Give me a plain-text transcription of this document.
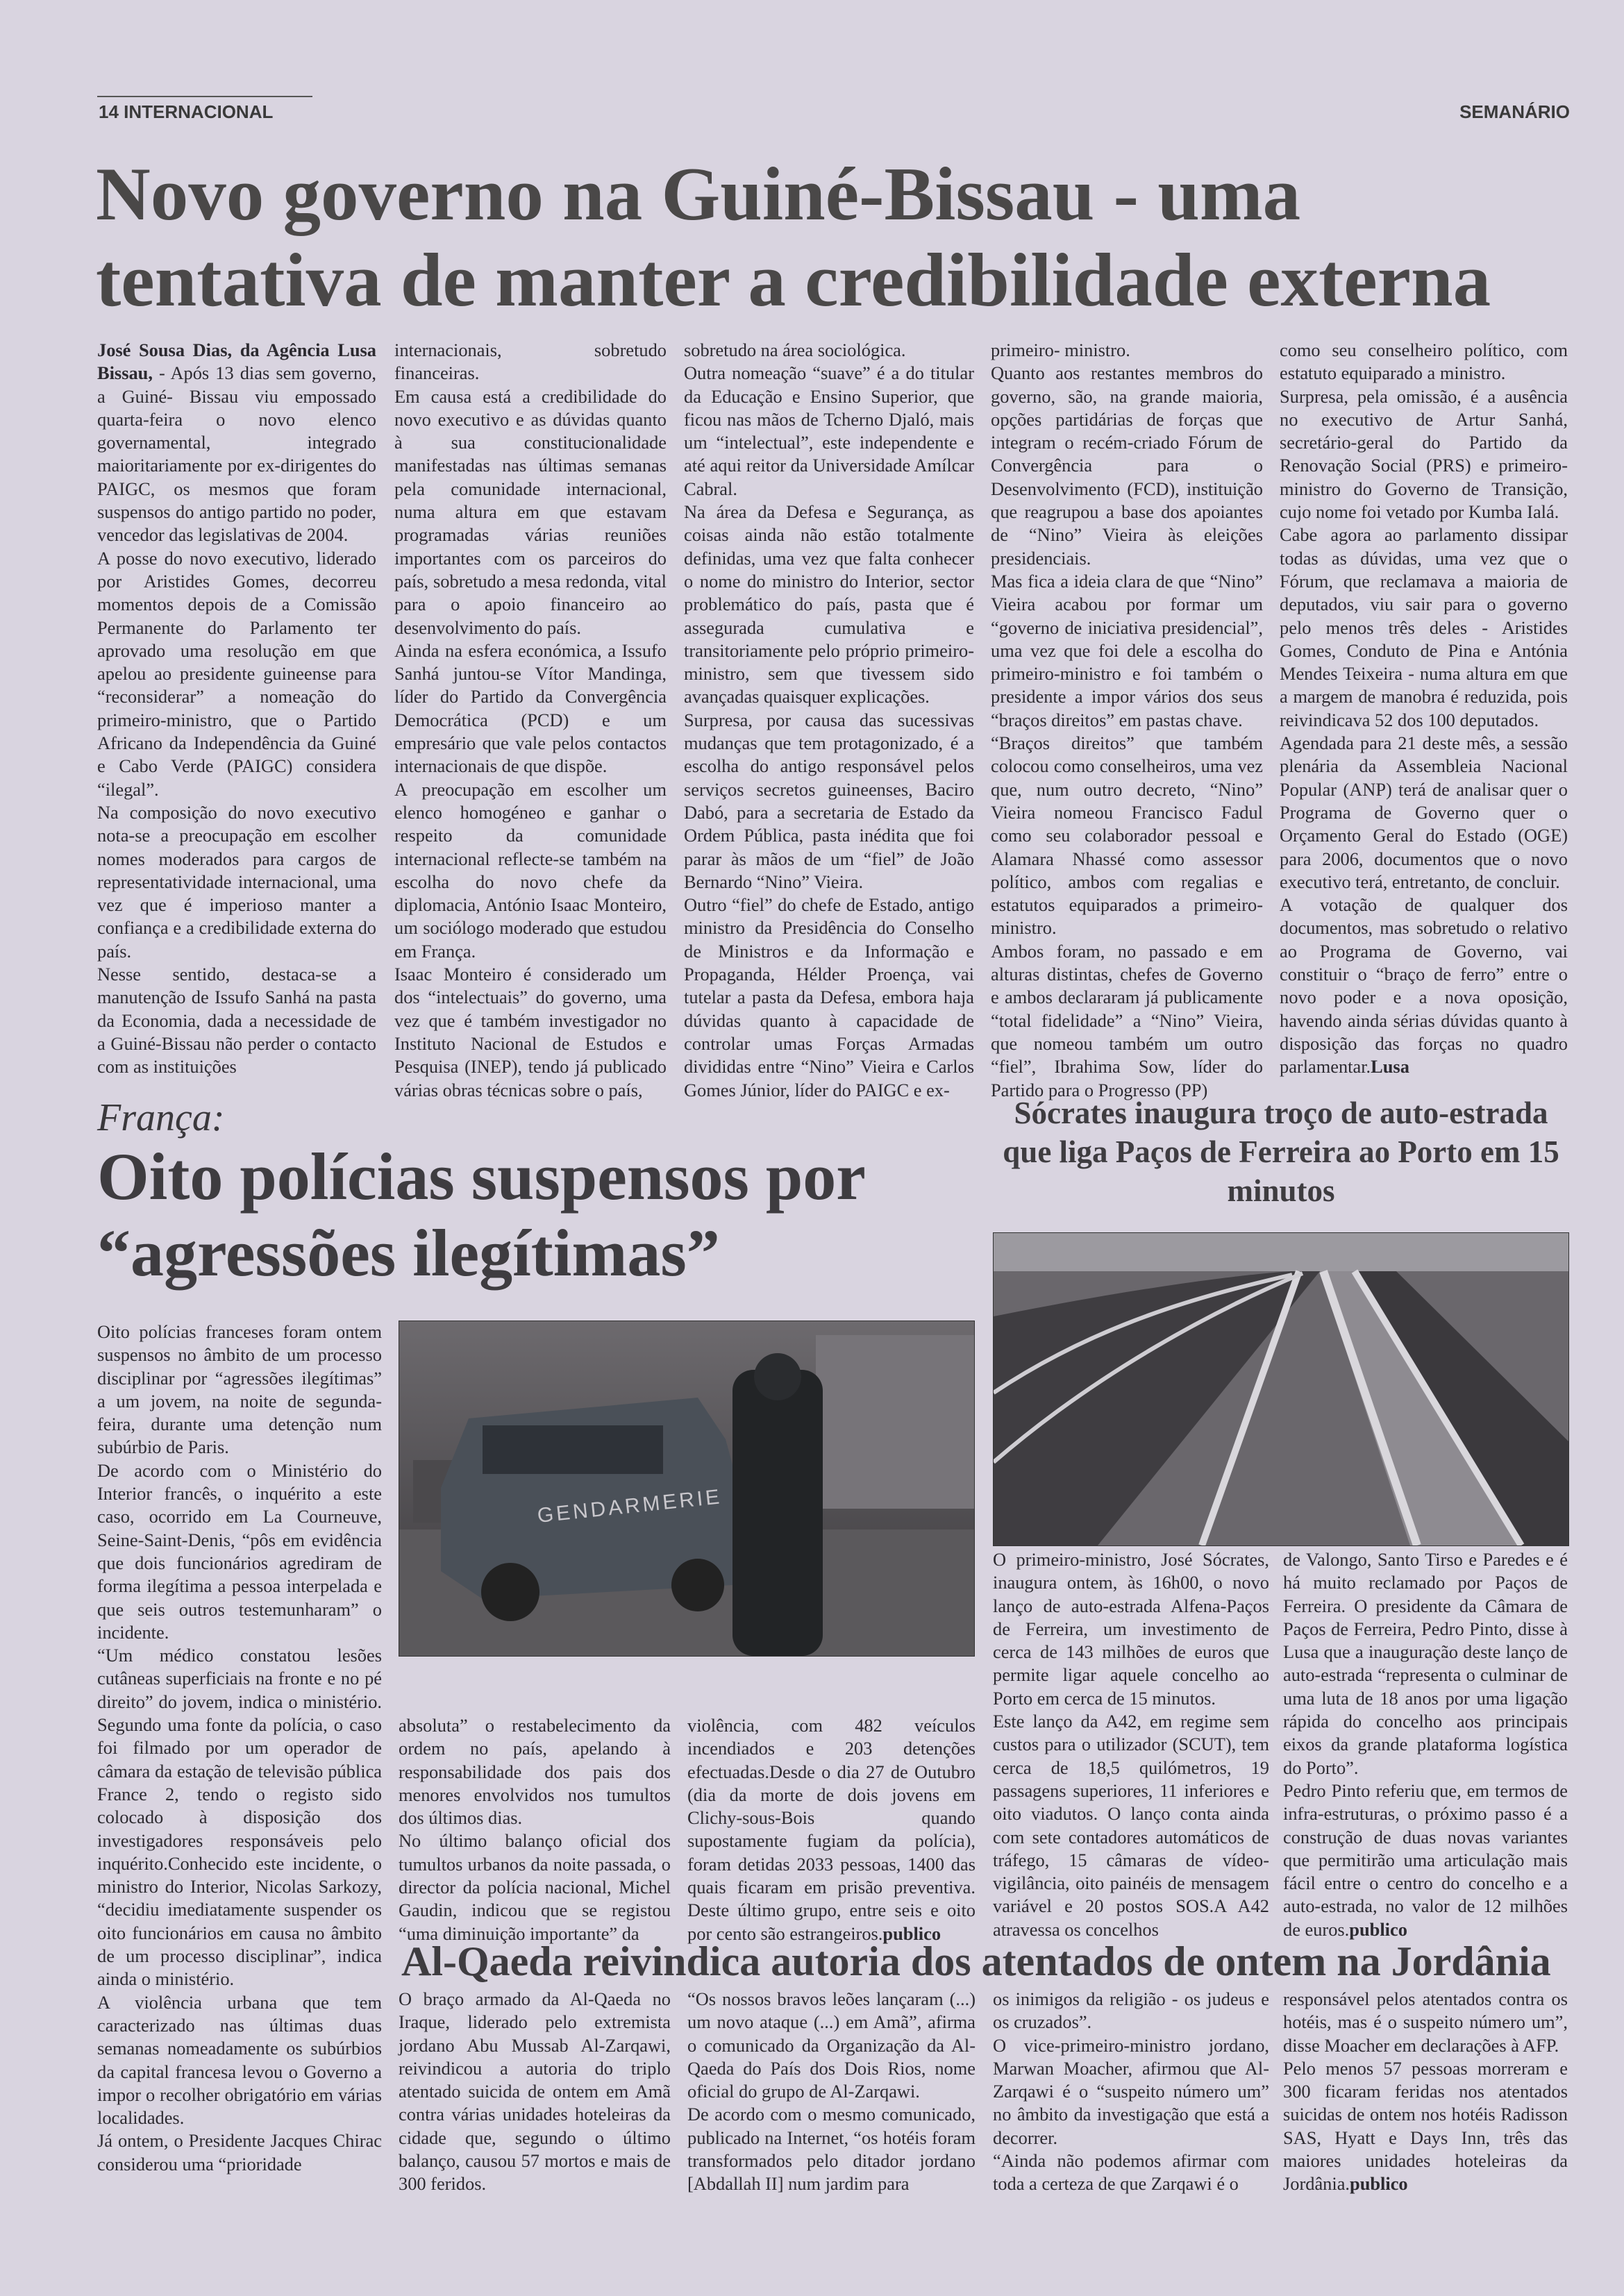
14 INTERNACIONAL	SEMANÁRIO
Novo governo na Guiné-Bissau - uma
tentativa de manter a credibilidade externa

José Sousa Dias, da Agência Lusa Bissau, - Após 13 dias sem governo, a Guiné- Bissau viu empossado quarta-feira o novo elenco governamental, integrado maioritariamente por ex-dirigentes do PAIGC, os mesmos que foram suspensos do antigo partido no poder, vencedor das legislativas de 2004.

A posse do novo executivo, liderado por Aristides Gomes, decorreu momentos depois de a Comissão Permanente do Parlamento ter aprovado uma resolução em que apelou ao presidente guineense para “reconsiderar” a nomeação do primeiro-ministro, que o Partido Africano da Independência da Guiné e Cabo Verde (PAIGC) considera “ilegal”.

Na composição do novo executivo nota-se a preocupação em escolher nomes moderados para cargos de representatividade internacional, uma vez que é imperioso manter a confiança e a credibilidade externa do país.

Nesse sentido, destaca-se a manutenção de Issufo Sanhá na pasta da Economia, dada a necessidade de a Guiné-Bissau não perder o contacto com as instituições

internacionais, sobretudo financeiras.

Em causa está a credibilidade do novo executivo e as dúvidas quanto à sua constitucionalidade manifestadas nas últimas semanas pela comunidade internacional, numa altura em que estavam programadas várias reuniões importantes com os parceiros do país, sobretudo a mesa redonda, vital para o apoio financeiro ao desenvolvimento do país.

Ainda na esfera económica, a Issufo Sanhá juntou-se Vítor Mandinga, líder do Partido da Convergência Democrática (PCD) e um empresário que vale pelos contactos internacionais de que dispõe.

A preocupação em escolher um elenco homogéneo e ganhar o respeito da comunidade internacional reflecte-se também na escolha do novo chefe da diplomacia, António Isaac Monteiro, um sociólogo moderado que estudou em França.

Isaac Monteiro é considerado um dos “intelectuais” do governo, uma vez que é também investigador no Instituto Nacional de Estudos e Pesquisa (INEP), tendo já publicado várias obras técnicas sobre o país,

sobretudo na área sociológica.

Outra nomeação “suave” é a do titular da Educação e Ensino Superior, que ficou nas mãos de Tcherno Djaló, mais um “intelectual”, este independente e até aqui reitor da Universidade Amílcar Cabral.

Na área da Defesa e Segurança, as coisas ainda não estão totalmente definidas, uma vez que falta conhecer o nome do ministro do Interior, sector problemático do país, pasta que é assegurada cumulativa e transitoriamente pelo próprio primeiro-ministro, sem que tivessem sido avançadas quaisquer explicações.

Surpresa, por causa das sucessivas mudanças que tem protagonizado, é a escolha do antigo responsável pelos serviços secretos guineenses, Baciro Dabó, para a secretaria de Estado da Ordem Pública, pasta inédita que foi parar às mãos de um “fiel” de João Bernardo “Nino” Vieira.

Outro “fiel” do chefe de Estado, antigo ministro da Presidência do Conselho de Ministros e da Informação e Propaganda, Hélder Proença, vai tutelar a pasta da Defesa, embora haja dúvidas quanto à capacidade de controlar umas Forças Armadas divididas entre “Nino” Vieira e Carlos Gomes Júnior, líder do PAIGC e ex-

primeiro- ministro.

Quanto aos restantes membros do governo, são, na grande maioria, opções partidárias de forças que integram o recém-criado Fórum de Convergência para o Desenvolvimento (FCD), instituição que reagrupou a base dos apoiantes de “Nino” Vieira às eleições presidenciais.

Mas fica a ideia clara de que “Nino” Vieira acabou por formar um “governo de iniciativa presidencial”, uma vez que foi dele a escolha do primeiro-ministro e foi também o presidente a impor vários dos seus “braços direitos” em pastas chave.

“Braços direitos” que também colocou como conselheiros, uma vez que, num outro decreto, “Nino” Vieira nomeou Francisco Fadul como seu colaborador pessoal e Alamara Nhassé como assessor político, ambos com regalias e estatutos equiparados a primeiro-ministro.

Ambos foram, no passado e em alturas distintas, chefes de Governo e ambos declararam já publicamente “total fidelidade” a “Nino” Vieira, que nomeou também um outro “fiel”, Ibrahima Sow, líder do Partido para o Progresso (PP)

como seu conselheiro político, com estatuto equiparado a ministro.

Surpresa, pela omissão, é a ausência no executivo de Artur Sanhá, secretário-geral do Partido da Renovação Social (PRS) e primeiro-ministro do Governo de Transição, cujo nome foi vetado por Kumba Ialá.

Cabe agora ao parlamento dissipar todas as dúvidas, uma vez que o Fórum, que reclamava a maioria de deputados, viu sair para o governo pelo menos três deles - Aristides Gomes, Conduto de Pina e Antónia Mendes Teixeira - numa altura em que a margem de manobra é reduzida, pois reivindicava 52 dos 100 deputados.

Agendada para 21 deste mês, a sessão plenária da Assembleia Nacional Popular (ANP) terá de analisar quer o Programa de Governo quer o Orçamento Geral do Estado (OGE) para 2006, documentos que o novo executivo terá, entretanto, de concluir.

A votação de qualquer dos documentos, mas sobretudo o relativo ao Programa de Governo, vai constituir o “braço de ferro” entre o novo poder e a nova oposição, havendo ainda sérias dúvidas quanto à disposição das forças no quadro parlamentar.Lusa

França:
Oito polícias suspensos por
“agressões ilegítimas”
GENDARMERIE

Oito polícias franceses foram ontem suspensos no âmbito de um processo disciplinar por “agressões ilegítimas” a um jovem, na noite de segunda-feira, durante uma detenção num subúrbio de Paris.

De acordo com o Ministério do Interior francês, o inquérito a este caso, ocorrido em La Courneuve, Seine-Saint-Denis, “pôs em evidência que dois funcionários agrediram de forma ilegítima a pessoa interpelada e que seis outros testemunharam” o incidente.

“Um médico constatou lesões cutâneas superficiais na fronte e no pé direito” do jovem, indica o ministério. Segundo uma fonte da polícia, o caso foi filmado por um operador de câmara da estação de televisão pública France 2, tendo o registo sido colocado à disposição dos investigadores responsáveis pelo inquérito.Conhecido este incidente, o ministro do Interior, Nicolas Sarkozy, “decidiu imediatamente suspender os oito funcionários em causa no âmbito de um processo disciplinar”, indica ainda o ministério.

A violência urbana que tem caracterizado nas últimas duas semanas nomeadamente os subúrbios da capital francesa levou o Governo a impor o recolher obrigatório em várias localidades.

Já ontem, o Presidente Jacques Chirac considerou uma “prioridade

absoluta” o restabelecimento da ordem no país, apelando à responsabilidade dos pais dos menores envolvidos nos tumultos dos últimos dias.

No último balanço oficial dos tumultos urbanos da noite passada, o director da polícia nacional, Michel Gaudin, indicou que se registou “uma diminuição importante” da

violência, com 482 veículos incendiados e 203 detenções efectuadas.Desde o dia 27 de Outubro (dia da morte de dois jovens em Clichy-sous-Bois quando supostamente fugiam da polícia), foram detidas 2033 pessoas, 1400 das quais ficaram em prisão preventiva. Deste último grupo, entre seis e oito por cento são estrangeiros.publico

Sócrates inaugura troço de auto-estrada que liga Paços de Ferreira ao Porto em 15 minutos

O primeiro-ministro, José Sócrates, inaugura ontem, às 16h00, o novo lanço de auto-estrada Alfena-Paços de Ferreira, um investimento de cerca de 143 milhões de euros que permite ligar aquele concelho ao Porto em cerca de 15 minutos.

Este lanço da A42, em regime sem custos para o utilizador (SCUT), tem cerca de 18,5 quilómetros, 19 passagens superiores, 11 inferiores e oito viadutos. O lanço conta ainda com sete contadores automáticos de tráfego, 15 câmaras de vídeo-vigilância, oito painéis de mensagem variável e 20 postos SOS.A A42 atravessa os concelhos

de Valongo, Santo Tirso e Paredes e é há muito reclamado por Paços de Ferreira. O presidente da Câmara de Paços de Ferreira, Pedro Pinto, disse à Lusa que a inauguração deste lanço de auto-estrada “representa o culminar de uma luta de 18 anos por uma ligação rápida do concelho aos principais eixos da grande plataforma logística do Porto”.

Pedro Pinto referiu que, em termos de infra-estruturas, o próximo passo é a construção de duas novas variantes que permitirão uma articulação mais fácil entre o centro do concelho e a auto-estrada, no valor de 12 milhões de euros.publico

Al-Qaeda reivindica autoria dos atentados de ontem na Jordânia

O braço armado da Al-Qaeda no Iraque, liderado pelo extremista jordano Abu Mussab Al-Zarqawi, reivindicou a autoria do triplo atentado suicida de ontem em Amã contra várias unidades hoteleiras da cidade que, segundo o último balanço, causou 57 mortos e mais de 300 feridos.

“Os nossos bravos leões lançaram (...) um novo ataque (...) em Amã”, afirma o comunicado da Organização da Al-Qaeda do País dos Dois Rios, nome oficial do grupo de Al-Zarqawi.

De acordo com o mesmo comunicado, publicado na Internet, “os hotéis foram transformados pelo ditador jordano [Abdallah II] num jardim para

os inimigos da religião - os judeus e os cruzados”.

O vice-primeiro-ministro jordano, Marwan Moacher, afirmou que Al-Zarqawi é o “suspeito número um” no âmbito da investigação que está a decorrer.

“Ainda não podemos afirmar com toda a certeza de que Zarqawi é o

responsável pelos atentados contra os hotéis, mas é o suspeito número um”, disse Moacher em declarações à AFP.

Pelo menos 57 pessoas morreram e 300 ficaram feridas nos atentados suicidas de ontem nos hotéis Radisson SAS, Hyatt e Days Inn, três das maiores unidades hoteleiras da Jordânia.publico
